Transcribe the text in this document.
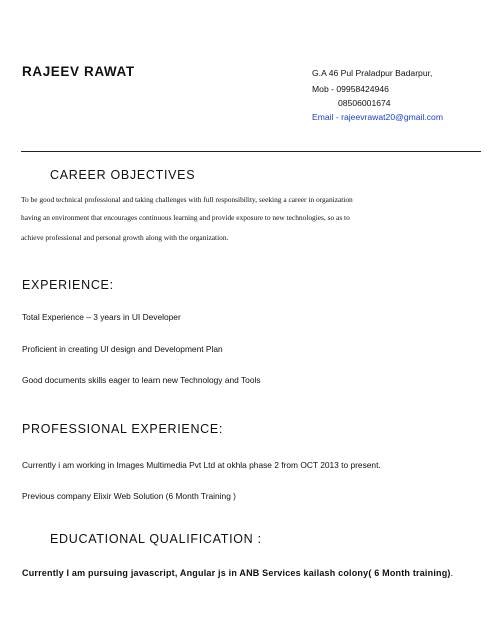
RAJEEV RAWAT	G.A 46 Pul Praladpur Badarpur,
Mob - 09958424946
08506001674
Email - rajeevrawat20@gmail.com
CAREER OBJECTIVES
To be good technical professional and taking challenges with full responsibility, seeking a career in organization
having an environment that encourages continuous learning and provide exposure to new technologies, so as to
achieve professional and personal growth along with the organization.
EXPERIENCE:
Total Experience – 3 years in UI Developer
Proficient in creating UI design and Development Plan
Good documents skills eager to learn new Technology and Tools
PROFESSIONAL EXPERIENCE:
Currently i am working in Images Multimedia Pvt Ltd at okhla phase 2 from OCT 2013 to present.
Previous company Elixir Web Solution (6 Month Training )
EDUCATIONAL QUALIFICATION :
Currently I am pursuing javascript, Angular js in ANB Services kailash colony( 6 Month training).
